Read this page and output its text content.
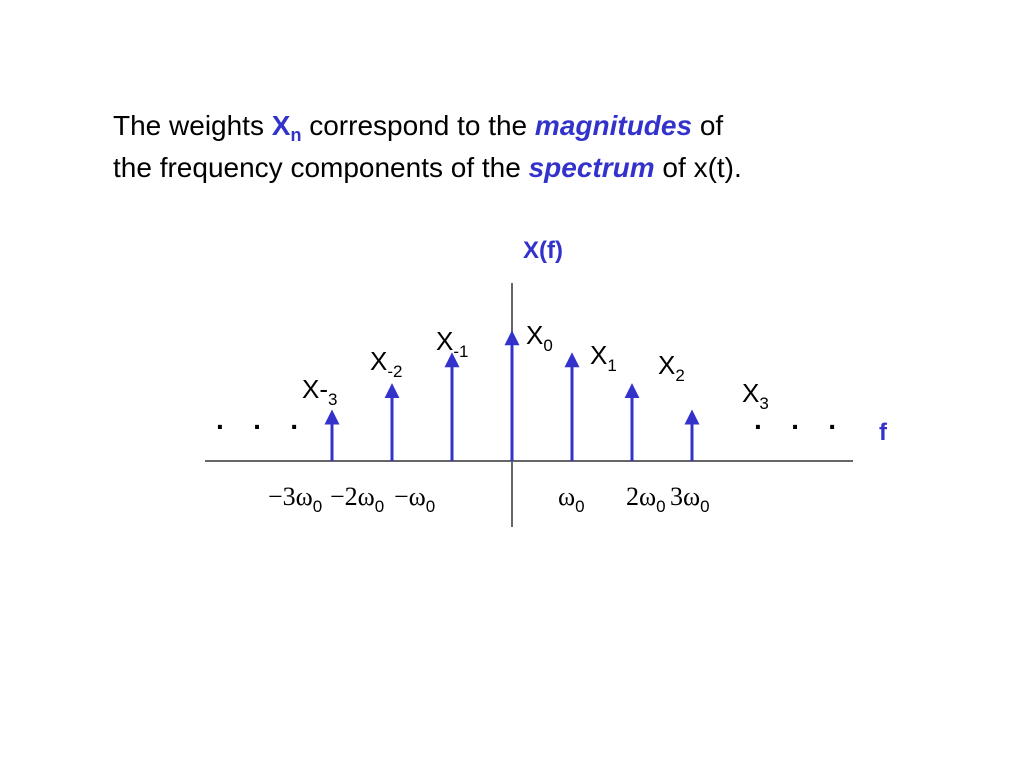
The weights $X_n$ correspond to the magnitudes of
the frequency components of the spectrum of x(t).
X(f)
f
· · ·	· · ·
$X-_3$
$-3\omega_0$
$X_{-2}$
$-2\omega_0$
$X_{-1}$
$-\omega_0$
$X_0$ $X_1$
$\omega_0$
$X_2$
$2\omega_0$
$X_3$
$3\omega_0$
